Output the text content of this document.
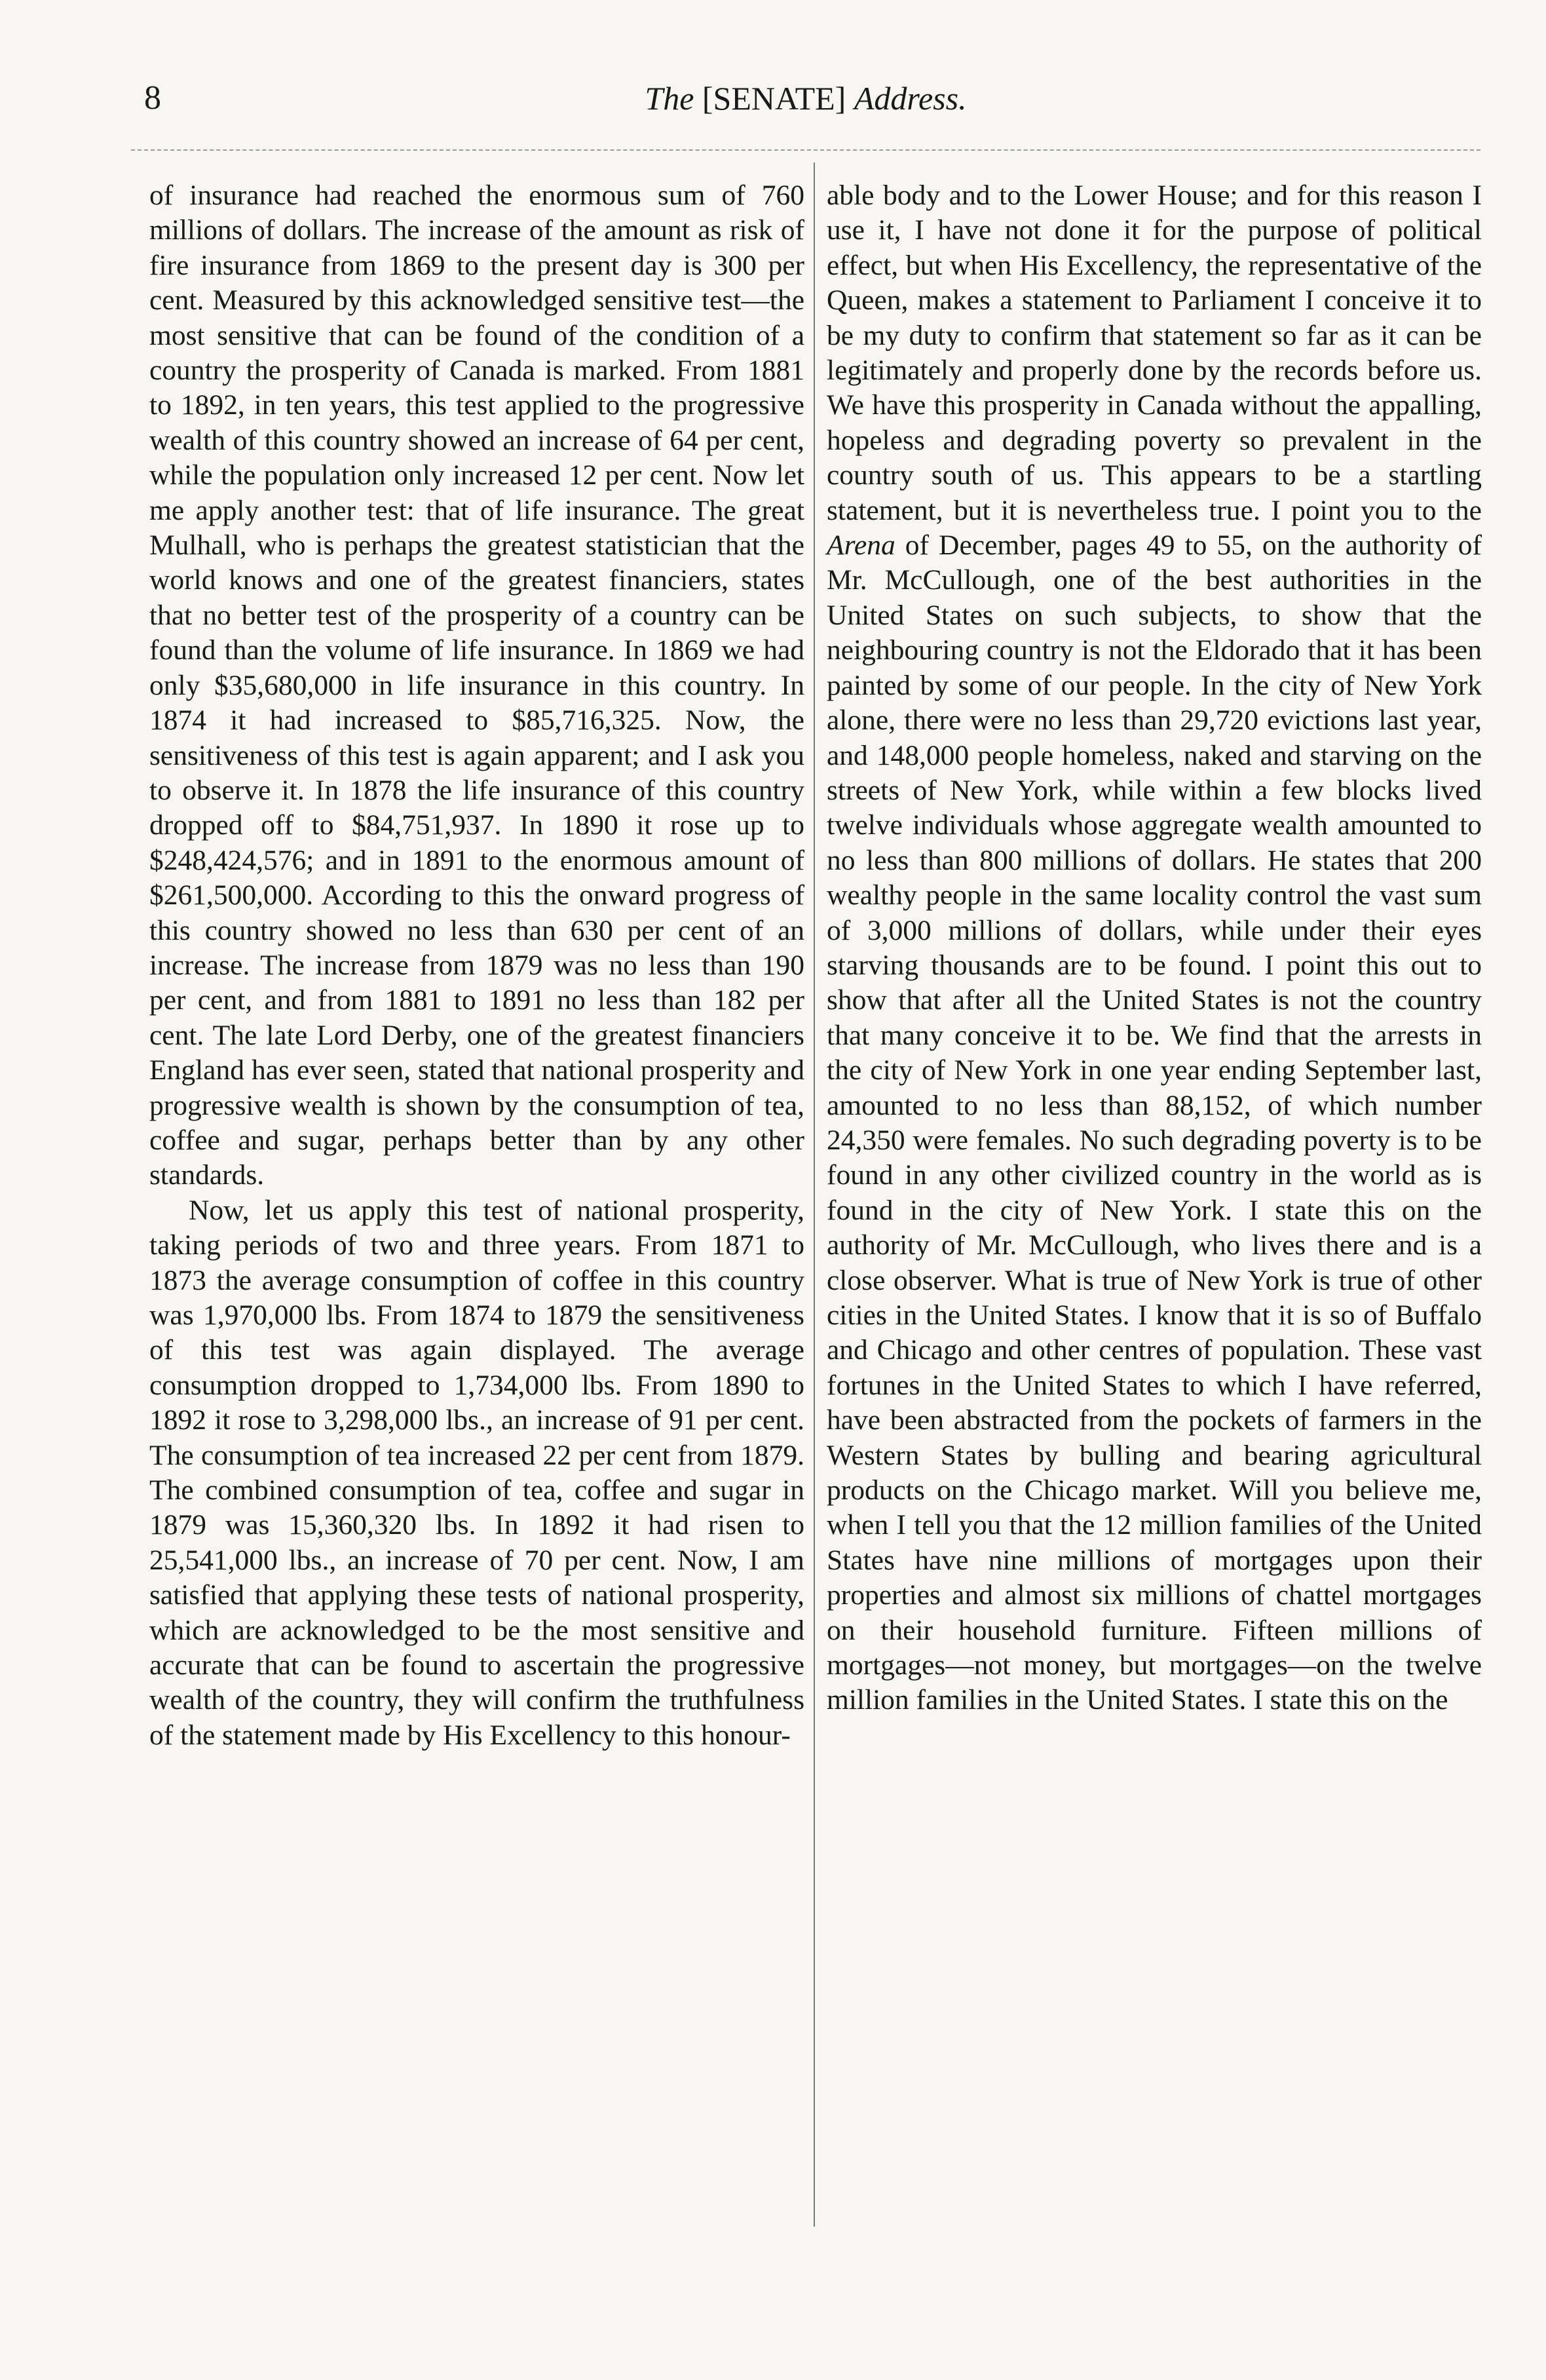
8	The [SENATE] Address.

of insurance had reached the enormous sum of 760 millions of dollars. The increase of the amount as risk of fire insurance from 1869 to the present day is 300 per cent. Measured by this acknowledged sensitive test—the most sensitive that can be found of the condition of a country the prosperity of Canada is marked. From 1881 to 1892, in ten years, this test applied to the progressive wealth of this country showed an increase of 64 per cent, while the population only increased 12 per cent. Now let me apply another test: that of life insurance. The great Mulhall, who is perhaps the greatest statistician that the world knows and one of the greatest financiers, states that no better test of the prosperity of a country can be found than the volume of life insurance. In 1869 we had only $35,680,000 in life insurance in this country. In 1874 it had increased to $85,716,325. Now, the sensitiveness of this test is again apparent; and I ask you to observe it. In 1878 the life insurance of this country dropped off to $84,751,937. In 1890 it rose up to $248,424,576; and in 1891 to the enormous amount of $261,500,000. According to this the onward progress of this country showed no less than 630 per cent of an increase. The increase from 1879 was no less than 190 per cent, and from 1881 to 1891 no less than 182 per cent. The late Lord Derby, one of the greatest financiers England has ever seen, stated that national prosperity and progressive wealth is shown by the consumption of tea, coffee and sugar, perhaps better than by any other standards.

Now, let us apply this test of national prosperity, taking periods of two and three years. From 1871 to 1873 the average consumption of coffee in this country was 1,970,000 lbs. From 1874 to 1879 the sensitiveness of this test was again displayed. The average consumption dropped to 1,734,000 lbs. From 1890 to 1892 it rose to 3,298,000 lbs., an increase of 91 per cent. The consumption of tea increased 22 per cent from 1879. The combined consumption of tea, coffee and sugar in 1879 was 15,360,320 lbs. In 1892 it had risen to 25,541,000 lbs., an increase of 70 per cent. Now, I am satisfied that applying these tests of national prosperity, which are acknowledged to be the most sensitive and accurate that can be found to ascertain the progressive wealth of the country, they will confirm the truthfulness of the statement made by His Excellency to this honour-

able body and to the Lower House; and for this reason I use it, I have not done it for the purpose of political effect, but when His Excellency, the representative of the Queen, makes a statement to Parliament I conceive it to be my duty to confirm that statement so far as it can be legitimately and properly done by the records before us. We have this prosperity in Canada without the appalling, hopeless and degrading poverty so prevalent in the country south of us. This appears to be a startling statement, but it is nevertheless true. I point you to the Arena of December, pages 49 to 55, on the authority of Mr. McCullough, one of the best authorities in the United States on such subjects, to show that the neighbouring country is not the Eldorado that it has been painted by some of our people. In the city of New York alone, there were no less than 29,720 evictions last year, and 148,000 people homeless, naked and starving on the streets of New York, while within a few blocks lived twelve individuals whose aggregate wealth amounted to no less than 800 millions of dollars. He states that 200 wealthy people in the same locality control the vast sum of 3,000 millions of dollars, while under their eyes starving thousands are to be found. I point this out to show that after all the United States is not the country that many conceive it to be. We find that the arrests in the city of New York in one year ending September last, amounted to no less than 88,152, of which number 24,350 were females. No such degrading poverty is to be found in any other civilized country in the world as is found in the city of New York. I state this on the authority of Mr. McCullough, who lives there and is a close observer. What is true of New York is true of other cities in the United States. I know that it is so of Buffalo and Chicago and other centres of population. These vast fortunes in the United States to which I have referred, have been abstracted from the pockets of farmers in the Western States by bulling and bearing agricultural products on the Chicago market. Will you believe me, when I tell you that the 12 million families of the United States have nine millions of mortgages upon their properties and almost six millions of chattel mortgages on their household furniture. Fifteen millions of mortgages—not money, but mortgages—on the twelve million families in the United States. I state this on the
